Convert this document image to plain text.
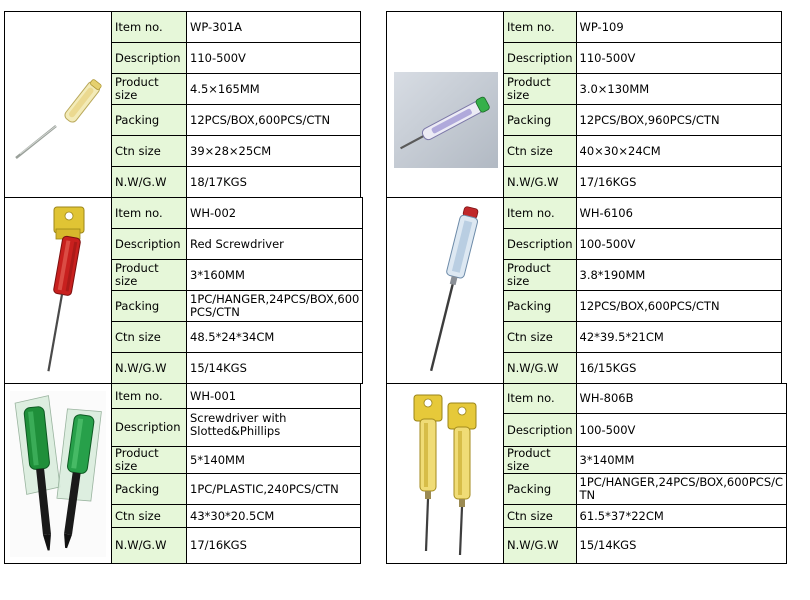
	Item no.	WP-301A
	Description	110-500V
	Product size	4.5×165MM
	Packing	12PCS/BOX,600PCS/CTN
	Ctn size	39×28×25CM
	N.W/G.W	18/17KGS
	Item no.	WH-002
	Description	Red Screwdriver
	Product size	3*160MM
	Packing	1PC/HANGER,24PCS/BOX,600 PCS/CTN
	Ctn size	48.5*24*34CM
	N.W/G.W	15/14KGS
	Item no.	WH-001
	Description	Screwdriver with Slotted&Phillips
	Product size	5*140MM
	Packing	1PC/PLASTIC,240PCS/CTN
	Ctn size	43*30*20.5CM
	N.W/G.W	17/16KGS
	Item no.	WP-109
	Description	110-500V
	Product size	3.0×130MM
	Packing	12PCS/BOX,960PCS/CTN
	Ctn size	40×30×24CM
	N.W/G.W	17/16KGS
	Item no.	WH-6106
	Description	100-500V
	Product size	3.8*190MM
	Packing	12PCS/BOX,600PCS/CTN
	Ctn size	42*39.5*21CM
	N.W/G.W	16/15KGS
	Item no.	WH-806B
	Description	100-500V
	Product size	3*140MM
	Packing	1PC/HANGER,24PCS/BOX,600PCS/C TN
	Ctn size	61.5*37*22CM
	N.W/G.W	15/14KGS
